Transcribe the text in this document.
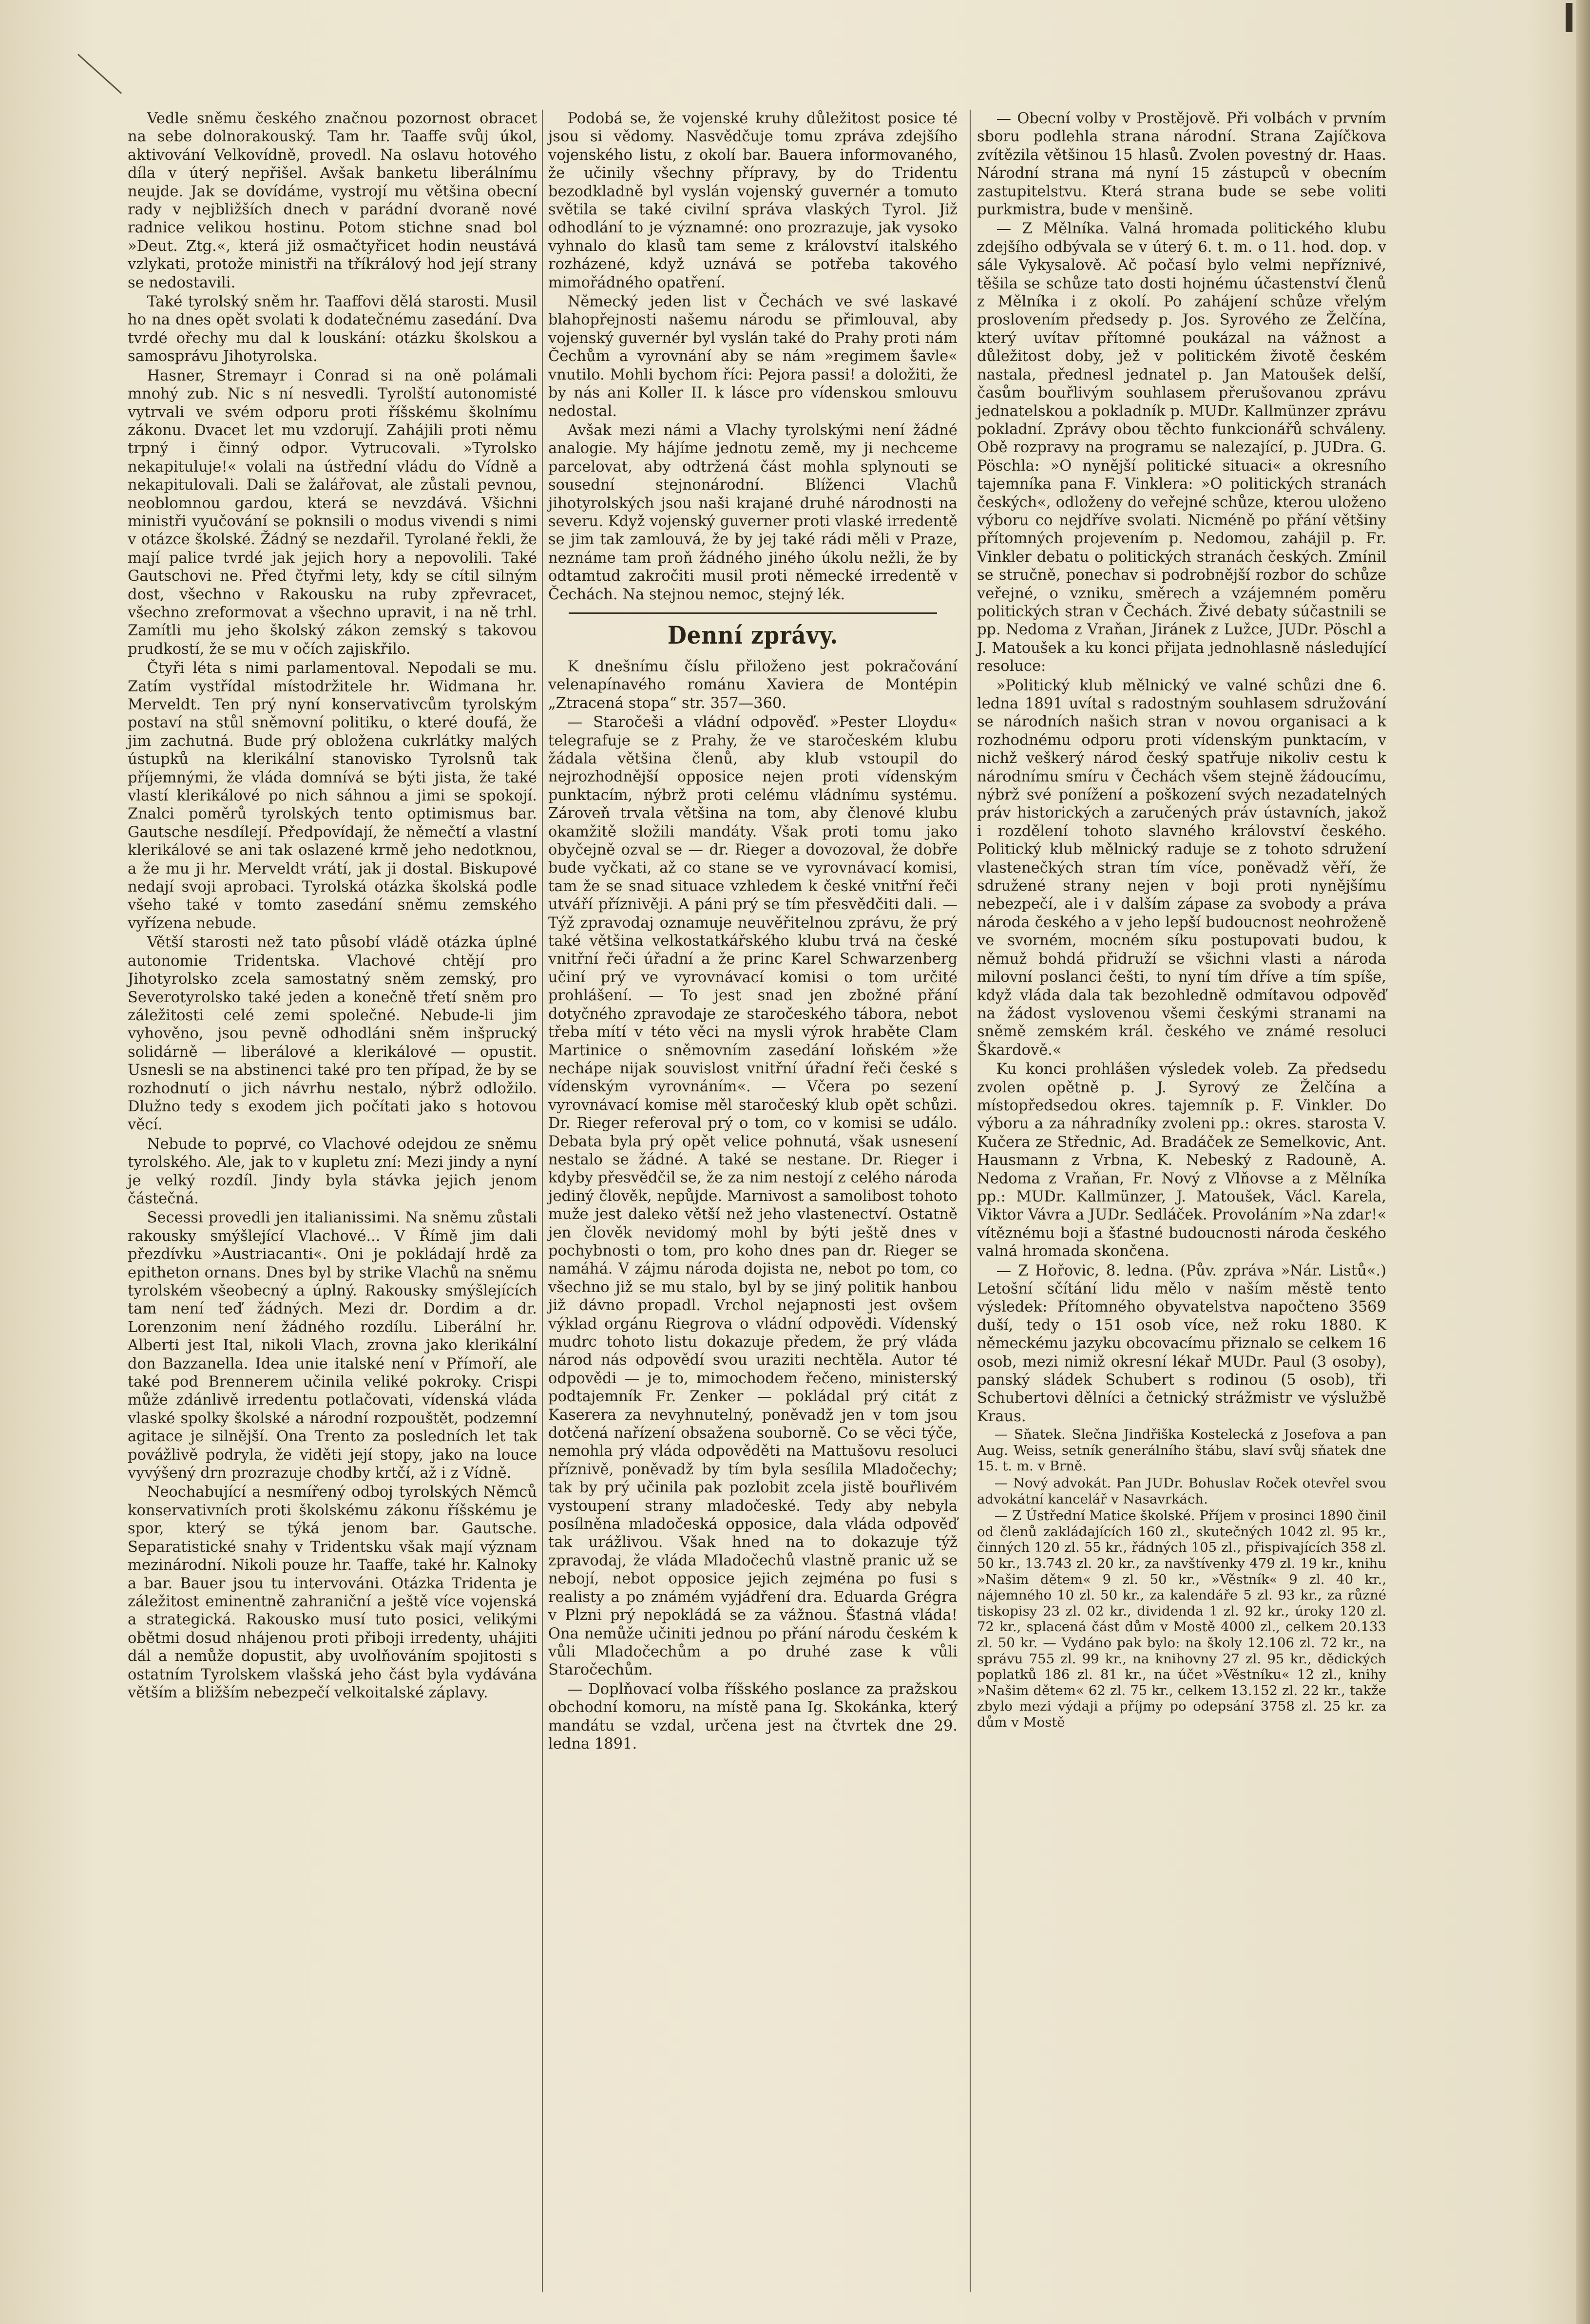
Vedle sněmu českého značnou pozornost obracet na sebe dolnorakouský. Tam hr. Taaffe svůj úkol, aktivování Velkovídně, provedl. Na oslavu hotového díla v úterý nepřišel. Avšak banketu liberálnímu neujde. Jak se dovídáme, vystrojí mu většina obecní rady v nejbližších dnech v parádní dvoraně nové radnice velikou hostinu. Potom stichne snad bol »Deut. Ztg.«, která již osmačtyřicet hodin neustává vzlykati, protože ministři na tříkrálový hod její strany se nedostavili.

Také tyrolský sněm hr. Taaffovi dělá starosti. Musil ho na dnes opět svolati k dodatečnému zasedání. Dva tvrdé ořechy mu dal k louskání: otázku školskou a samosprávu Jihotyrolska.

Hasner, Stremayr i Conrad si na oně polámali mnohý zub. Nic s ní nesvedli. Tyrolští autonomisté vytrvali ve svém odporu proti říšskému školnímu zákonu. Dvacet let mu vzdorují. Zahájili proti němu trpný i činný odpor. Vytrucovali. »Tyrolsko nekapituluje!« volali na ústřední vládu do Vídně a nekapitulovali. Dali se žalářovat, ale zůstali pevnou, neoblomnou gardou, která se nevzdává. Všichni ministři vyučování se poknsili o modus vivendi s nimi v otázce školské. Žádný se nezdařil. Tyrolané řekli, že mají palice tvrdé jak jejich hory a nepovolili. Také Gautschovi ne. Před čtyřmi lety, kdy se cítil silným dost, všechno v Rakousku na ruby zpřevracet, všechno zreformovat a všechno upravit, i na ně trhl. Zamítli mu jeho školský zákon zemský s takovou prudkostí, že se mu v očích zajiskřilo.

Čtyři léta s nimi parlamentoval. Nepodali se mu. Zatím vystřídal místodržitele hr. Widmana hr. Merveldt. Ten prý nyní konservativcům tyrolským postaví na stůl sněmovní politiku, o které doufá, že jim zachutná. Bude prý obložena cukrlátky malých ústupků na klerikální stanovisko Tyrolsnů tak příjemnými, že vláda domnívá se býti jista, že také vlastí klerikálové po nich sáhnou a jimi se spokojí. Znalci poměrů tyrolských tento optimismus bar. Gautsche nesdílejí. Předpovídají, že němečtí a vlastní klerikálové se ani tak oslazené krmě jeho nedotknou, a že mu ji hr. Merveldt vrátí, jak ji dostal. Biskupové nedají svoji aprobaci. Tyrolská otázka školská podle všeho také v tomto zasedání sněmu zemského vyřízena nebude.

Větší starosti než tato působí vládě otázka úplné autonomie Tridentska. Vlachové chtějí pro Jihotyrolsko zcela samostatný sněm zemský, pro Severotyrolsko také jeden a konečně třetí sněm pro záležitosti celé zemi společné. Nebude-li jim vyhověno, jsou pevně odhodláni sněm inšprucký solidárně — liberálové a klerikálové — opustit. Usnesli se na abstinenci také pro ten případ, že by se rozhodnutí o jich návrhu nestalo, nýbrž odložilo. Dlužno tedy s exodem jich počítati jako s hotovou věcí.

Nebude to poprvé, co Vlachové odejdou ze sněmu tyrolského. Ale, jak to v kupletu zní: Mezi jindy a nyní je velký rozdíl. Jindy byla stávka jejich jenom částečná.

Secessi provedli jen italianissimi. Na sněmu zůstali rakousky smýšlející Vlachové... V Římě jim dali přezdívku »Austriacanti«. Oni je pokládají hrdě za epitheton ornans. Dnes byl by strike Vlachů na sněmu tyrolském všeobecný a úplný. Rakousky smýšlejících tam není teď žádných. Mezi dr. Dordim a dr. Lorenzonim není žádného rozdílu. Liberální hr. Alberti jest Ital, nikoli Vlach, zrovna jako klerikální don Bazzanella. Idea unie italské není v Přímoří, ale také pod Brennerem učinila veliké pokroky. Crispi může zdánlivě irredentu potlačovati, vídenská vláda vlaské spolky školské a národní rozpouštět, podzemní agitace je silnější. Ona Trento za posledních let tak povážlivě podryla, že viděti její stopy, jako na louce vyvýšený drn prozrazuje chodby krtčí, až i z Vídně.

Neochabující a nesmířený odboj tyrolských Němců konservativních proti školskému zákonu říšskému je spor, který se týká jenom bar. Gautsche. Separatistické snahy v Tridentsku však mají význam mezinárodní. Nikoli pouze hr. Taaffe, také hr. Kalnoky a bar. Bauer jsou tu intervováni. Otázka Tridenta je záležitost eminentně zahraniční a ještě více vojenská a strategická. Rakousko musí tuto posici, velikými obětmi dosud nhájenou proti přiboji irredenty, uhájiti dál a nemůže dopustit, aby uvolňováním spojitosti s ostatním Tyrolskem vlašská jeho část byla vydávána větším a bližším nebezpečí velkoitalské záplavy.

Podobá se, že vojenské kruhy důležitost posice té jsou si vědomy. Nasvědčuje tomu zpráva zdejšího vojenského listu, z okolí bar. Bauera informovaného, že učinily všechny přípravy, by do Tridentu bezodkladně byl vyslán vojenský guvernér a tomuto světila se také civilní správa vlaských Tyrol. Již odhodlání to je významné: ono prozrazuje, jak vysoko vyhnalo do klasů tam seme z království italského rozházené, když uznává se potřeba takového mimořádného opatření.

Německý jeden list v Čechách ve své laskavé blahopřejnosti našemu národu se přimlouval, aby vojenský guvernér byl vyslán také do Prahy proti nám Čechům a vyrovnání aby se nám »regimem šavle« vnutilo. Mohli bychom říci: Pejora passi! a doložiti, že by nás ani Koller II. k lásce pro vídenskou smlouvu nedostal.

Avšak mezi námi a Vlachy tyrolskými není žádné analogie. My hájíme jednotu země, my ji nechceme parcelovat, aby odtržená část mohla splynouti se sousední stejnonárodní. Blíženci Vlachů jihotyrolských jsou naši krajané druhé národnosti na severu. Když vojenský guverner proti vlaské irredentě se jim tak zamlouvá, že by jej také rádi měli v Praze, neznáme tam proň žádného jiného úkolu nežli, že by odtamtud zakročiti musil proti německé irredentě v Čechách. Na stejnou nemoc, stejný lék.

Denní zprávy.

K dnešnímu číslu přiloženo jest pokračování velenapínavého románu Xaviera de Montépin „Ztracená stopa“ str. 357—360.

— Staročeši a vládní odpověď. »Pester Lloydu« telegrafuje se z Prahy, že ve staročeském klubu žádala většina členů, aby klub vstoupil do nejrozhodnější opposice nejen proti vídenským punktacím, nýbrž proti celému vládnímu systému. Zároveň trvala většina na tom, aby členové klubu okamžitě složili mandáty. Však proti tomu jako obyčejně ozval se — dr. Rieger a dovozoval, že dobře bude vyčkati, až co stane se ve vyrovnávací komisi, tam že se snad situace vzhledem k české vnitřní řeči utváří příznivěji. A páni prý se tím přesvědčiti dali. — Týž zpravodaj oznamuje neuvěřitelnou zprávu, že prý také většina velkostatkářského klubu trvá na české vnitřní řeči úřadní a že princ Karel Schwarzenberg učiní prý ve vyrovnávací komisi o tom určité prohlášení. — To jest snad jen zbožné přání dotyčného zpravodaje ze staročeského tábora, nebot třeba mítí v této věci na mysli výrok hraběte Clam Martinice o sněmovním zasedání loňském »že nechápe nijak souvislost vnitřní úřadní řeči české s vídenským vyrovnáním«. — Včera po sezení vyrovnávací komise měl staročeský klub opět schůzi. Dr. Rieger referoval prý o tom, co v komisi se událo. Debata byla prý opět velice pohnutá, však usnesení nestalo se žádné. A také se nestane. Dr. Rieger i kdyby přesvědčil se, že za nim nestojí z celého národa jediný člověk, nepůjde. Marnivost a samolibost tohoto muže jest daleko větší než jeho vlastenectví. Ostatně jen člověk nevidomý mohl by býti ještě dnes v pochybnosti o tom, pro koho dnes pan dr. Rieger se namáhá. V zájmu národa dojista ne, nebot po tom, co všechno již se mu stalo, byl by se jiný politik hanbou již dávno propadl. Vrchol nejapnosti jest ovšem výklad orgánu Riegrova o vládní odpovědi. Vídenský mudrc tohoto listu dokazuje předem, že prý vláda národ nás odpovědí svou uraziti nechtěla. Autor té odpovědi — je to, mimochodem řečeno, ministerský podtajemník Fr. Zenker — pokládal prý citát z Kaserera za nevyhnutelný, poněvadž jen v tom jsou dotčená nařízení obsažena souborně. Co se věci týče, nemohla prý vláda odpověděti na Mattušovu resoluci příznivě, poněvadž by tím byla sesílila Mladočechy; tak by prý učinila pak pozlobit zcela jistě bouřlivém vystoupení strany mladočeské. Tedy aby nebyla posílněna mladočeská opposice, dala vláda odpověď tak urážlivou. Však hned na to dokazuje týž zpravodaj, že vláda Mladočechů vlastně pranic už se nebojí, nebot opposice jejich zejména po fusi s realisty a po známém vyjádření dra. Eduarda Grégra v Plzni prý nepokládá se za vážnou. Šťastná vláda! Ona nemůže učiniti jednou po přání národu českém k vůli Mladočechům a po druhé zase k vůli Staročechům.

— Doplňovací volba říšského poslance za pražskou obchodní komoru, na místě pana Ig. Skokánka, který mandátu se vzdal, určena jest na čtvrtek dne 29. ledna 1891.

— Obecní volby v Prostějově. Při volbách v prvním sboru podlehla strana národní. Strana Zajíčkova zvítězila většinou 15 hlasů. Zvolen povestný dr. Haas. Národní strana má nyní 15 zástupců v obecním zastupitelstvu. Která strana bude se sebe voliti purkmistra, bude v menšině.

— Z Mělníka. Valná hromada politického klubu zdejšího odbývala se v úterý 6. t. m. o 11. hod. dop. v sále Vykysalově. Ač počasí bylo velmi nepříznivé, těšila se schůze tato dosti hojnému účastenství členů z Mělníka i z okolí. Po zahájení schůze vřelým proslovením předsedy p. Jos. Syrového ze Želčína, který uvítav přítomné poukázal na vážnost a důležitost doby, jež v politickém životě českém nastala, přednesl jednatel p. Jan Matoušek delší, časům bouřlivým souhlasem přerušovanou zprávu jednatelskou a pokladník p. MUDr. Kallmünzer zprávu pokladní. Zprávy obou těchto funkcionářů schváleny. Obě rozpravy na programu se nalezající, p. JUDra. G. Pöschla: »O nynější politické situaci« a okresního tajemníka pana F. Vinklera: »O politických stranách českých«, odloženy do veřejné schůze, kterou uloženo výboru co nejdříve svolati. Nicméně po přání většiny přítomných projevením p. Nedomou, zahájil p. Fr. Vinkler debatu o politických stranách českých. Zmínil se stručně, ponechav si podrobnější rozbor do schůze veřejné, o vzniku, směrech a vzájemném poměru politických stran v Čechách. Živé debaty súčastnili se pp. Nedoma z Vraňan, Jiránek z Lužce, JUDr. Pöschl a J. Matoušek a ku konci přijata jednohlasně následující resoluce:

»Politický klub mělnický ve valné schůzi dne 6. ledna 1891 uvítal s radostným souhlasem sdružování se národních našich stran v novou organisaci a k rozhodnému odporu proti vídenským punktacím, v nichž veškerý národ český spatřuje nikoliv cestu k národnímu smíru v Čechách všem stejně žádoucímu, nýbrž své ponížení a poškození svých nezadatelných práv historických a zaručených práv ústavních, jakož i rozdělení tohoto slavného království českého. Politický klub mělnický raduje se z tohoto sdružení vlastenečkých stran tím více, poněvadž věří, že sdružené strany nejen v boji proti nynějšímu nebezpečí, ale i v dalším zápase za svobody a práva národa českého a v jeho lepší budoucnost neohroženě ve svorném, mocném síku postupovati budou, k němuž bohdá přidruží se všichni vlasti a národa milovní poslanci češti, to nyní tím dříve a tím spíše, když vláda dala tak bezohledně odmítavou odpověď na žádost vyslovenou všemi českými stranami na sněmě zemském král. českého ve známé resoluci Škardově.«

Ku konci prohlášen výsledek voleb. Za předsedu zvolen opětně p. J. Syrový ze Želčína a místopředsedou okres. tajemník p. F. Vinkler. Do výboru a za náhradníky zvoleni pp.: okres. starosta V. Kučera ze Střednic, Ad. Bradáček ze Semelkovic, Ant. Hausmann z Vrbna, K. Nebeský z Radouně, A. Nedoma z Vraňan, Fr. Nový z Vlňovse a z Mělníka pp.: MUDr. Kallmünzer, J. Matoušek, Václ. Karela, Viktor Vávra a JUDr. Sedláček. Provoláním »Na zdar!« vítěznému boji a šťastné budoucnosti národa českého valná hromada skončena.

— Z Hořovic, 8. ledna. (Pův. zpráva »Nár. Listů«.) Letošní sčítání lidu mělo v naším městě tento výsledek: Přítomného obyvatelstva napočteno 3569 duší, tedy o 151 osob více, než roku 1880. K německému jazyku obcovacímu přiznalo se celkem 16 osob, mezi nimiž okresní lékař MUDr. Paul (3 osoby), panský sládek Schubert s rodinou (5 osob), tři Schubertovi dělníci a četnický strážmistr ve výslužbě Kraus.

— Sňatek. Slečna Jindřiška Kostelecká z Josefova a pan Aug. Weiss, setník generálního štábu, slaví svůj sňatek dne 15. t. m. v Brně.

— Nový advokát. Pan JUDr. Bohuslav Roček otevřel svou advokátní kancelář v Nasavrkách.

— Z Ústřední Matice školské. Příjem v prosinci 1890 činil od členů zakládajících 160 zl., skutečných 1042 zl. 95 kr., činných 120 zl. 55 kr., řádných 105 zl., přispivajících 358 zl. 50 kr., 13.743 zl. 20 kr., za navštívenky 479 zl. 19 kr., knihu »Našim dětem« 9 zl. 50 kr., »Věstník« 9 zl. 40 kr., nájemného 10 zl. 50 kr., za kalendáře 5 zl. 93 kr., za různé tiskopisy 23 zl. 02 kr., dividenda 1 zl. 92 kr., úroky 120 zl. 72 kr., splacená část dům v Mostě 4000 zl., celkem 20.133 zl. 50 kr. — Vydáno pak bylo: na školy 12.106 zl. 72 kr., na správu 755 zl. 99 kr., na knihovny 27 zl. 95 kr., dědických poplatků 186 zl. 81 kr., na účet »Věstníku« 12 zl., knihy »Našim dětem« 62 zl. 75 kr., celkem 13.152 zl. 22 kr., takže zbylo mezi výdaji a příjmy po odepsání 3758 zl. 25 kr. za dům v Mostě
